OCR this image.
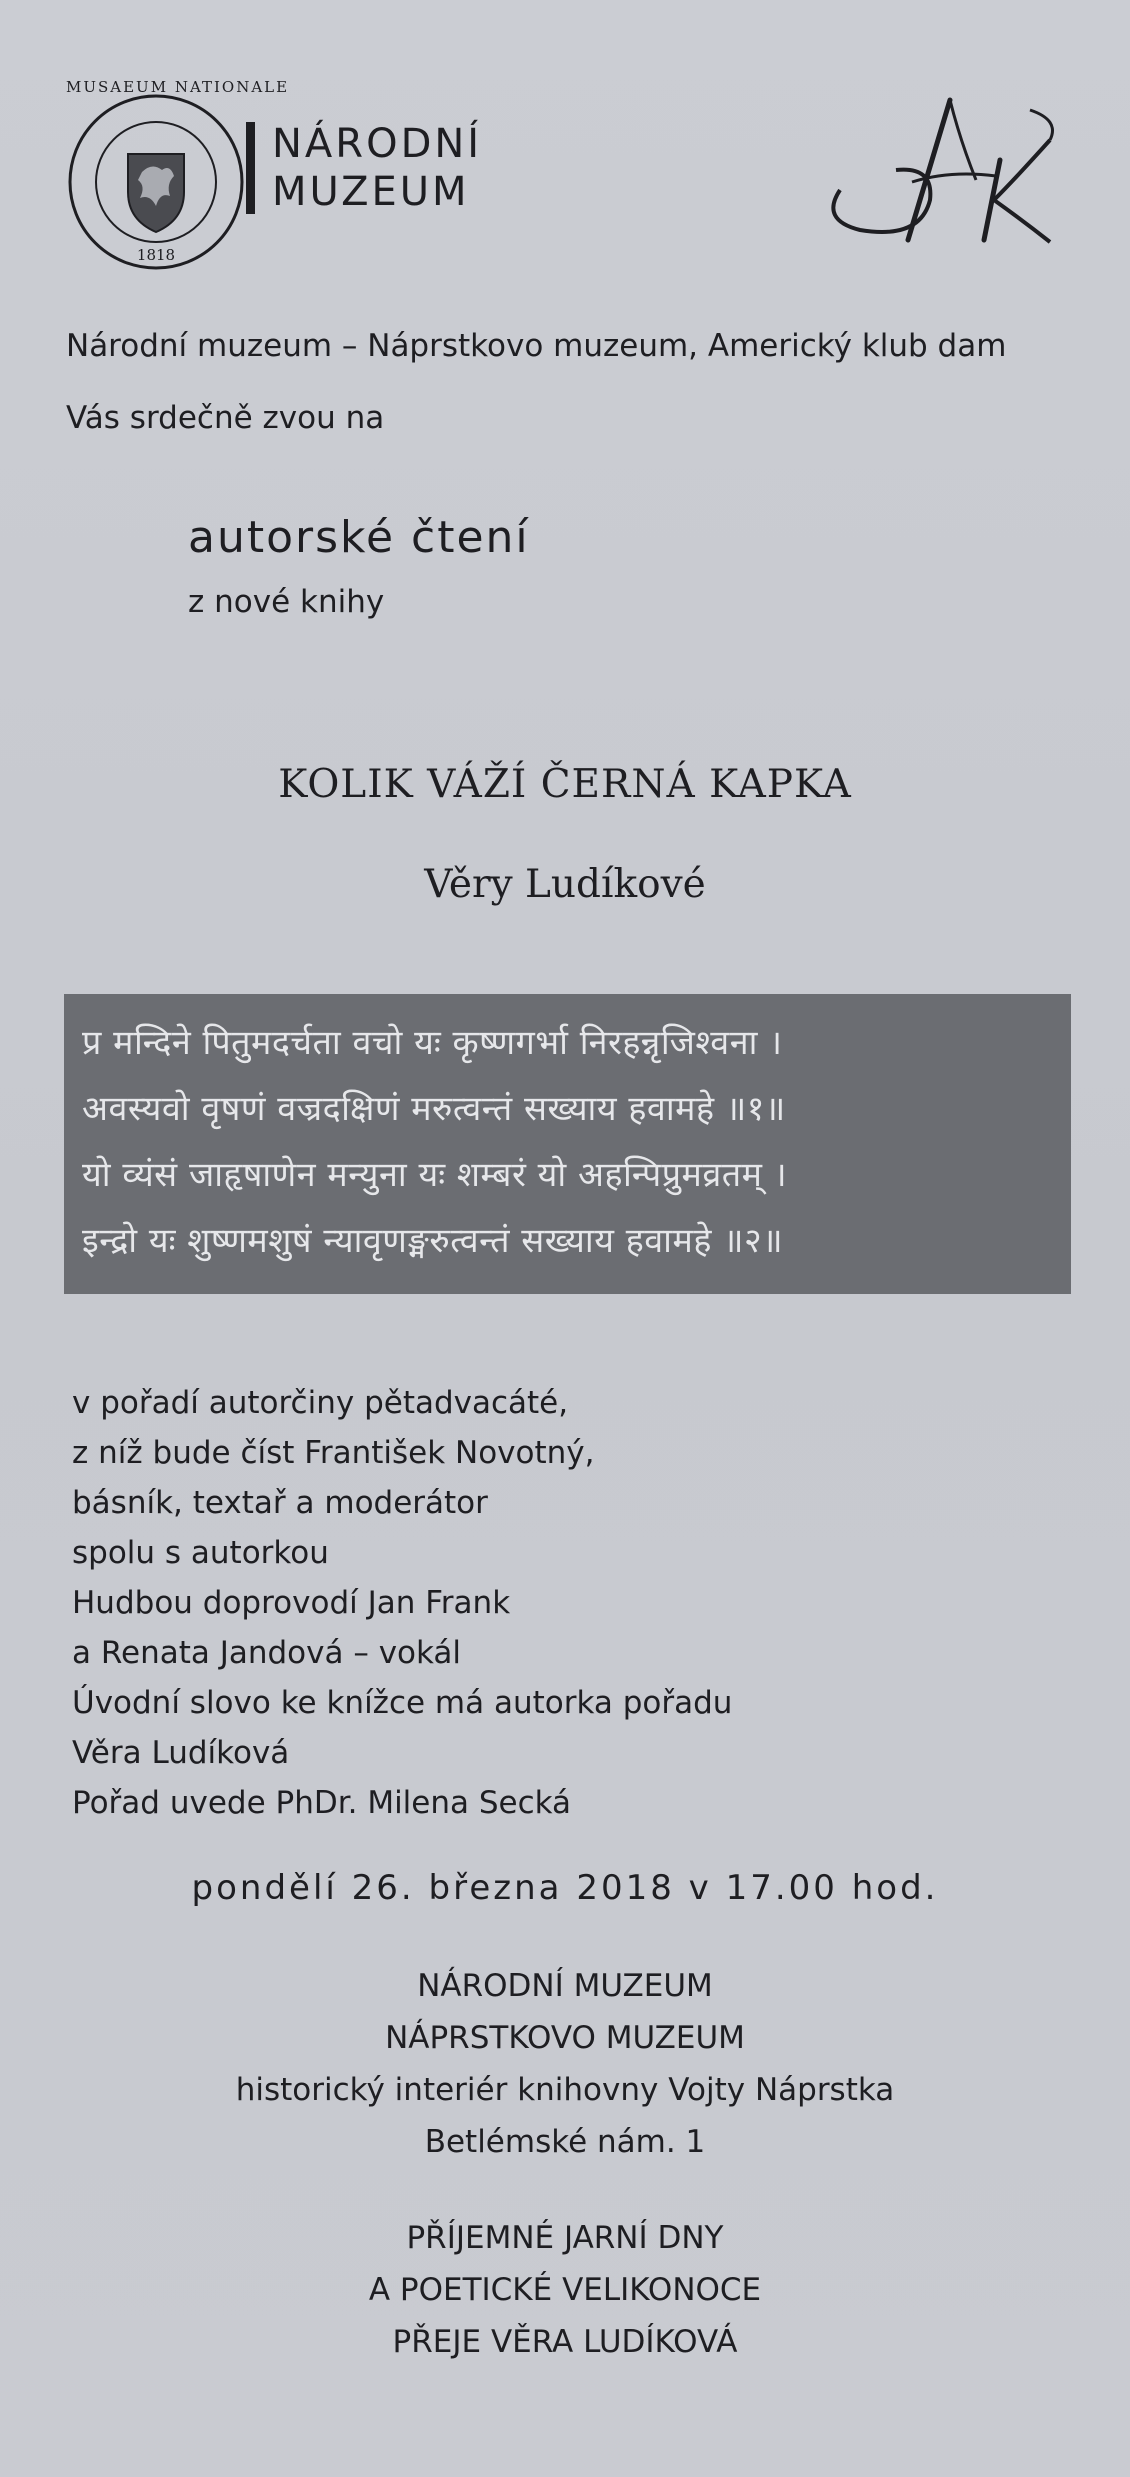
MUSAEUM NATIONALE
1818
NÁRODNÍ
MUZEUM
Národní muzeum – Náprstkovo muzeum, Americký klub dam
Vás srdečně zvou na
autorské čtení
z nové knihy
KOLIK VÁŽÍ ČERNÁ KAPKA
Věry Ludíkové
प्र मन्दिने पितुमदर्चता वचो यः कृष्णगर्भा निरहन्नृजिश्वना ।
अवस्यवो वृषणं वज्रदक्षिणं मरुत्वन्तं सख्याय हवामहे ॥१॥
यो व्यंसं जाहृषाणेन मन्युना यः शम्बरं यो अहन्पिप्रुमव्रतम् ।
इन्द्रो यः शुष्णमशुषं न्यावृणङ्मरुत्वन्तं सख्याय हवामहे ॥२॥
v pořadí autorčiny pětadvacáté,
z níž bude číst František Novotný,
básník, textař a moderátor
spolu s autorkou
Hudbou doprovodí Jan Frank
a Renata Jandová – vokál
Úvodní slovo ke knížce má autorka pořadu
Věra Ludíková
Pořad uvede PhDr. Milena Secká
pondělí 26. března 2018 v 17.00 hod.
NÁRODNÍ MUZEUM
NÁPRSTKOVO MUZEUM
historický interiér knihovny Vojty Náprstka
Betlémské nám. 1
PŘÍJEMNÉ JARNÍ DNY
A POETICKÉ VELIKONOCE
PŘEJE VĚRA LUDÍKOVÁ
